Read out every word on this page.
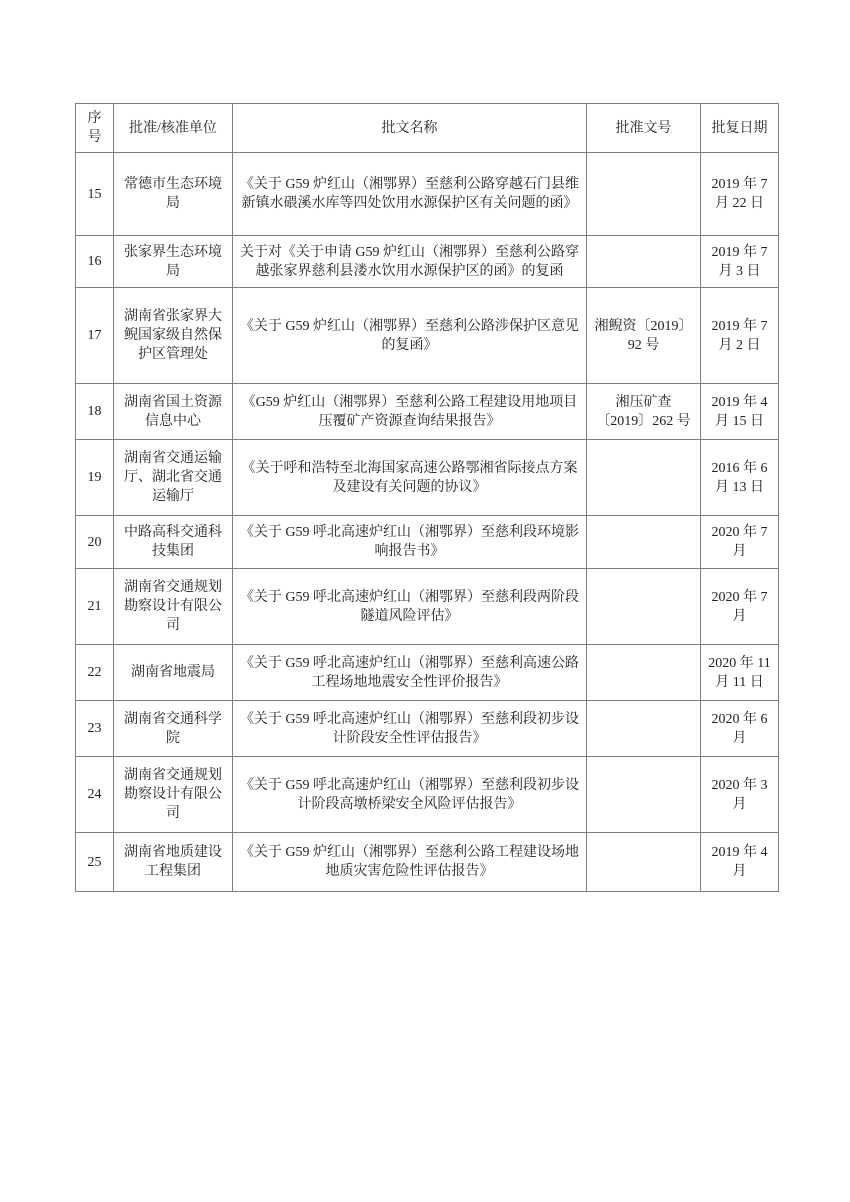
序号	批准/核准单位	批文名称	批准文号	批复日期
15	常德市生态环境局	《关于 G59 炉红山（湘鄂界）至慈利公路穿越石门县维新镇水碨溪水库等四处饮用水源保护区有关问题的函》		2019 年 7 月 22 日
16	张家界生态环境局	关于对《关于申请 G59 炉红山（湘鄂界）至慈利公路穿越张家界慈利县溇水饮用水源保护区的函》的复函		2019 年 7 月 3 日
17	湖南省张家界大鲵国家级自然保护区管理处	《关于 G59 炉红山（湘鄂界）至慈利公路涉保护区意见的复函》	湘鲵资〔2019〕92 号	2019 年 7 月 2 日
18	湖南省国土资源信息中心	《G59 炉红山（湘鄂界）至慈利公路工程建设用地项目压覆矿产资源查询结果报告》	湘压矿查〔2019〕262 号	2019 年 4 月 15 日
19	湖南省交通运输厅、湖北省交通运输厅	《关于呼和浩特至北海国家高速公路鄂湘省际接点方案及建设有关问题的协议》		2016 年 6 月 13 日
20	中路高科交通科技集团	《关于 G59 呼北高速炉红山（湘鄂界）至慈利段环境影响报告书》		2020 年 7 月
21	湖南省交通规划勘察设计有限公司	《关于 G59 呼北高速炉红山（湘鄂界）至慈利段两阶段隧道风险评估》		2020 年 7 月
22	湖南省地震局	《关于 G59 呼北高速炉红山（湘鄂界）至慈利高速公路工程场地地震安全性评价报告》		2020 年 11 月 11 日
23	湖南省交通科学院	《关于 G59 呼北高速炉红山（湘鄂界）至慈利段初步设计阶段安全性评估报告》		2020 年 6 月
24	湖南省交通规划勘察设计有限公司	《关于 G59 呼北高速炉红山（湘鄂界）至慈利段初步设计阶段高墩桥梁安全风险评估报告》		2020 年 3 月
25	湖南省地质建设工程集团	《关于 G59 炉红山（湘鄂界）至慈利公路工程建设场地地质灾害危险性评估报告》		2019 年 4 月
